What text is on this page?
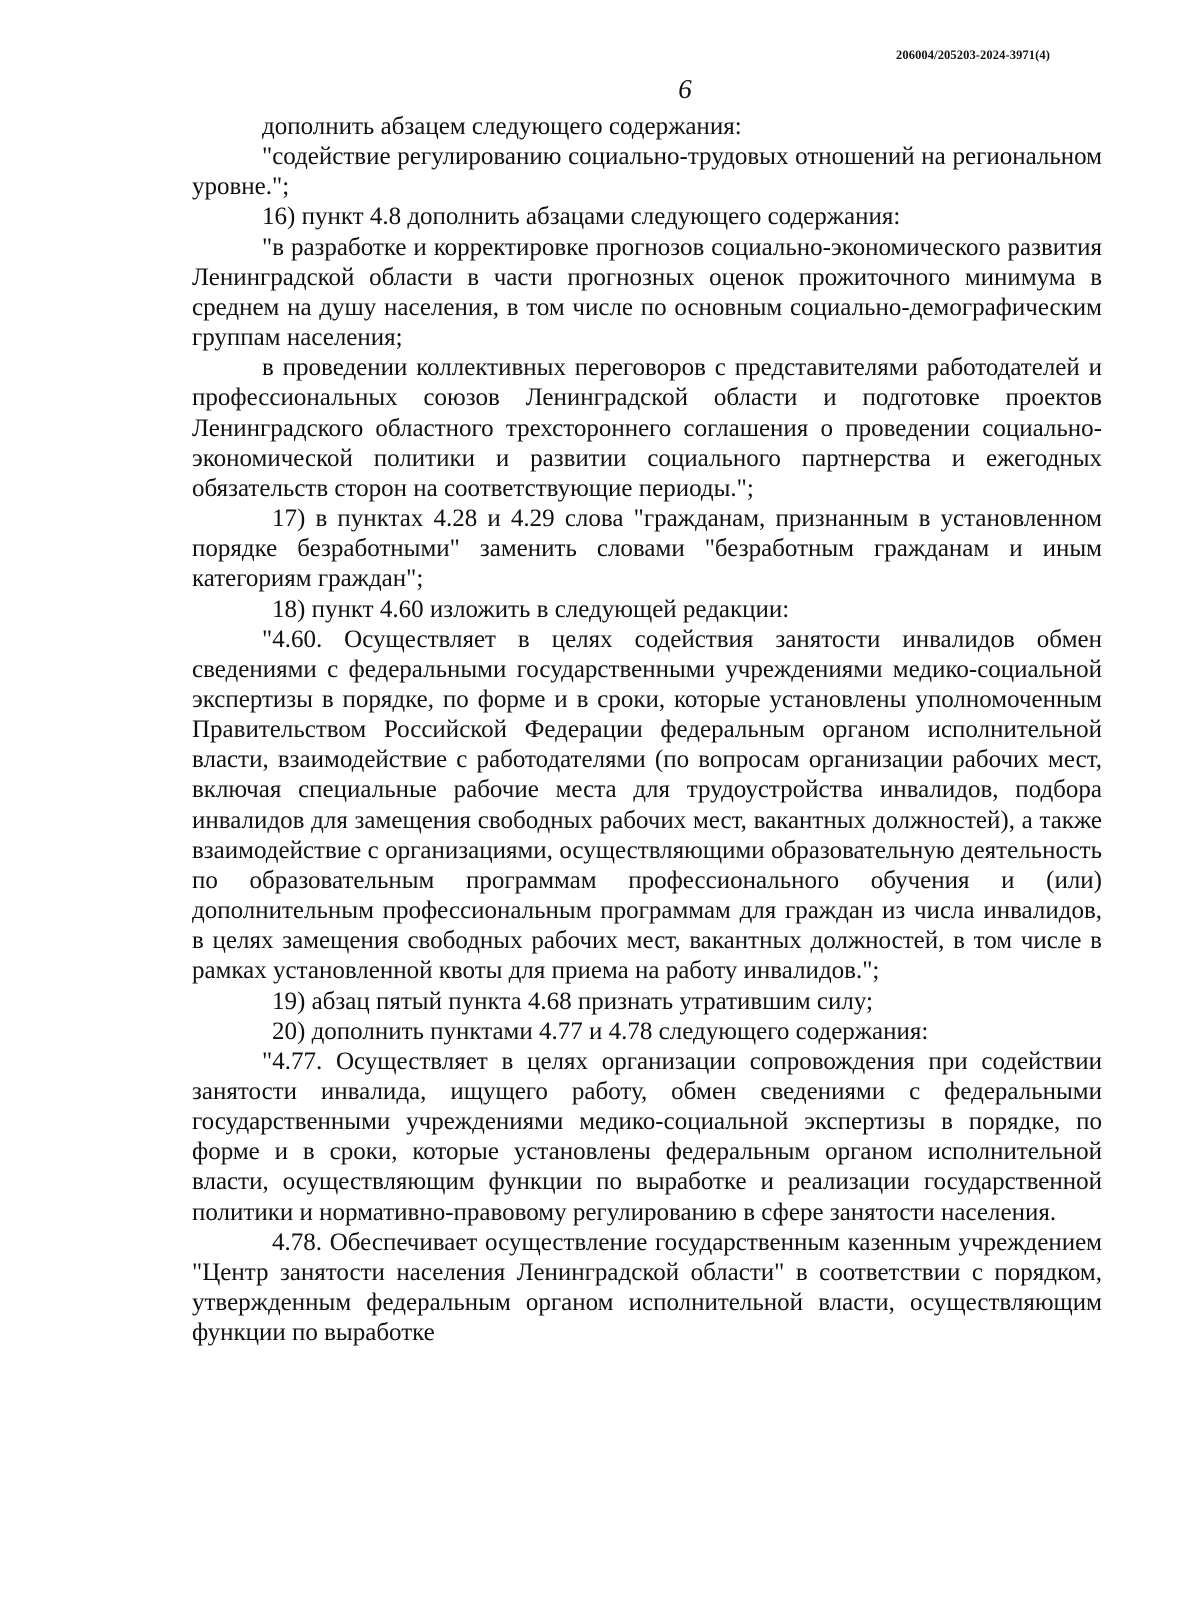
206004/205203-2024-3971(4)
6

дополнить абзацем следующего содержания:

"содействие регулированию социально-трудовых отношений на региональном уровне.";

16) пункт 4.8 дополнить абзацами следующего содержания:

"в разработке и корректировке прогнозов социально-экономического развития Ленинградской области в части прогнозных оценок прожиточного минимума в среднем на душу населения, в том числе по основным социально-демографическим группам населения;

в проведении коллективных переговоров с представителями работодателей и профессиональных союзов Ленинградской области и подготовке проектов Ленинградского областного трехстороннего соглашения о проведении социально-экономической политики и развитии социального партнерства и ежегодных обязательств сторон на соответствующие периоды.";

17) в пунктах 4.28 и 4.29 слова "гражданам, признанным в установленном порядке безработными" заменить словами "безработным гражданам и иным категориям граждан";

18) пункт 4.60 изложить в следующей редакции:

"4.60. Осуществляет в целях содействия занятости инвалидов обмен сведениями с федеральными государственными учреждениями медико-социальной экспертизы в порядке, по форме и в сроки, которые установлены уполномоченным Правительством Российской Федерации федеральным органом исполнительной власти, взаимодействие с работодателями (по вопросам организации рабочих мест, включая специальные рабочие места для трудоустройства инвалидов, подбора инвалидов для замещения свободных рабочих мест, вакантных должностей), а также взаимодействие с организациями, осуществляющими образовательную деятельность по образовательным программам профессионального обучения и (или) дополнительным профессиональным программам для граждан из числа инвалидов, в целях замещения свободных рабочих мест, вакантных должностей, в том числе в рамках установленной квоты для приема на работу инвалидов.";

19) абзац пятый пункта 4.68 признать утратившим силу;

20) дополнить пунктами 4.77 и 4.78 следующего содержания:

"4.77. Осуществляет в целях организации сопровождения при содействии занятости инвалида, ищущего работу, обмен сведениями с федеральными государственными учреждениями медико-социальной экспертизы в порядке, по форме и в сроки, которые установлены федеральным органом исполнительной власти, осуществляющим функции по выработке и реализации государственной политики и нормативно-правовому регулированию в сфере занятости населения.

4.78. Обеспечивает осуществление государственным казенным учреждением "Центр занятости населения Ленинградской области" в соответствии с порядком, утвержденным федеральным органом исполнительной власти, осуществляющим функции по выработке
